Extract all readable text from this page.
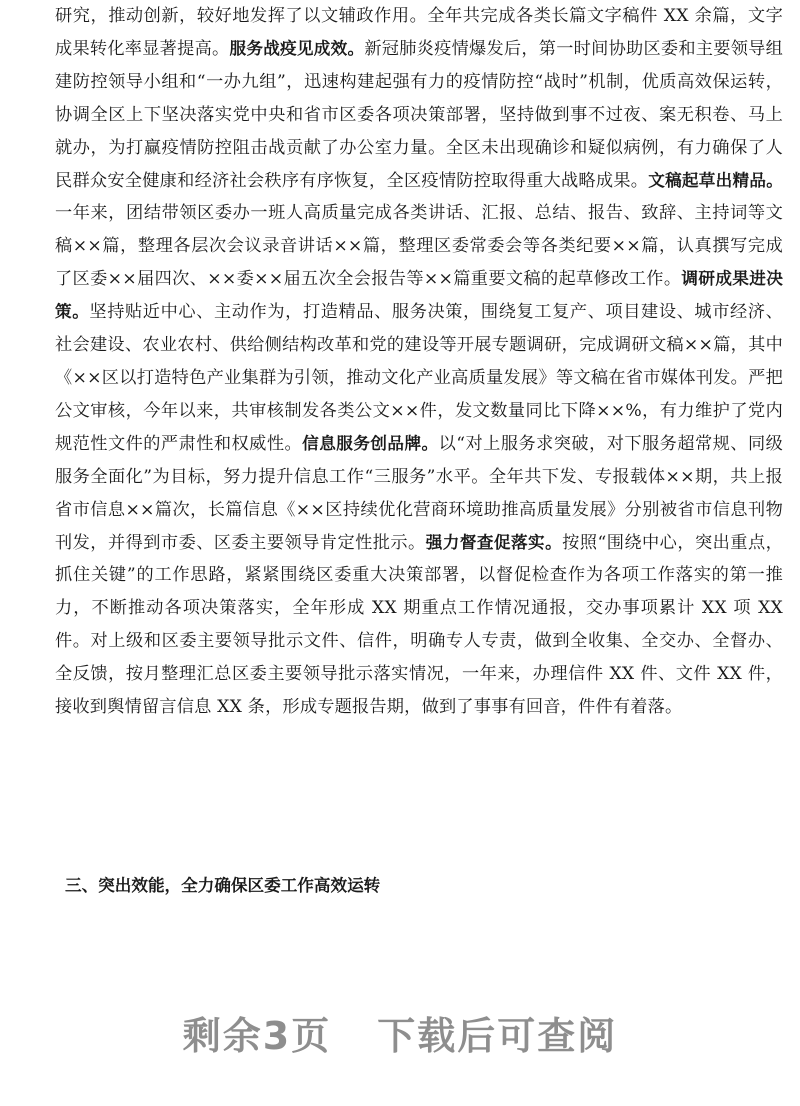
研究，推动创新，较好地发挥了以文辅政作用。全年共完成各类长篇文字稿件 XX 余篇，文字成果转化率显著提高。服务战疫见成效。新冠肺炎疫情爆发后，第一时间协助区委和主要领导组建防控领导小组和“一办九组”，迅速构建起强有力的疫情防控“战时”机制，优质高效保运转，协调全区上下坚决落实党中央和省市区委各项决策部署，坚持做到事不过夜、案无积卷、马上就办，为打赢疫情防控阻击战贡献了办公室力量。全区未出现确诊和疑似病例，有力确保了人民群众安全健康和经济社会秩序有序恢复，全区疫情防控取得重大战略成果。文稿起草出精品。一年来，团结带领区委办一班人高质量完成各类讲话、汇报、总结、报告、致辞、主持词等文稿××篇，整理各层次会议录音讲话××篇，整理区委常委会等各类纪要××篇，认真撰写完成了区委××届四次、××委××届五次全会报告等××篇重要文稿的起草修改工作。调研成果进决策。坚持贴近中心、主动作为，打造精品、服务决策，围绕复工复产、项目建设、城市经济、社会建设、农业农村、供给侧结构改革和党的建设等开展专题调研，完成调研文稿××篇，其中《××区以打造特色产业集群为引领，推动文化产业高质量发展》等文稿在省市媒体刊发。严把公文审核，今年以来，共审核制发各类公文××件，发文数量同比下降××%，有力维护了党内规范性文件的严肃性和权威性。信息服务创品牌。以“对上服务求突破，对下服务超常规、同级服务全面化”为目标，努力提升信息工作“三服务”水平。全年共下发、专报载体××期，共上报省市信息××篇次，长篇信息《××区持续优化营商环境助推高质量发展》分别被省市信息刊物刊发，并得到市委、区委主要领导肯定性批示。强力督查促落实。按照“围绕中心，突出重点，抓住关键”的工作思路，紧紧围绕区委重大决策部署，以督促检查作为各项工作落实的第一推力，不断推动各项决策落实，全年形成 XX 期重点工作情况通报，交办事项累计 XX 项 XX 件。对上级和区委主要领导批示文件、信件，明确专人专责，做到全收集、全交办、全督办、全反馈，按月整理汇总区委主要领导批示落实情况，一年来，办理信件 XX 件、文件 XX 件，接收到舆情留言信息 XX 条，形成专题报告期，做到了事事有回音，件件有着落。

三、突出效能，全力确保区委工作高效运转

剩余3页 下载后可查阅
